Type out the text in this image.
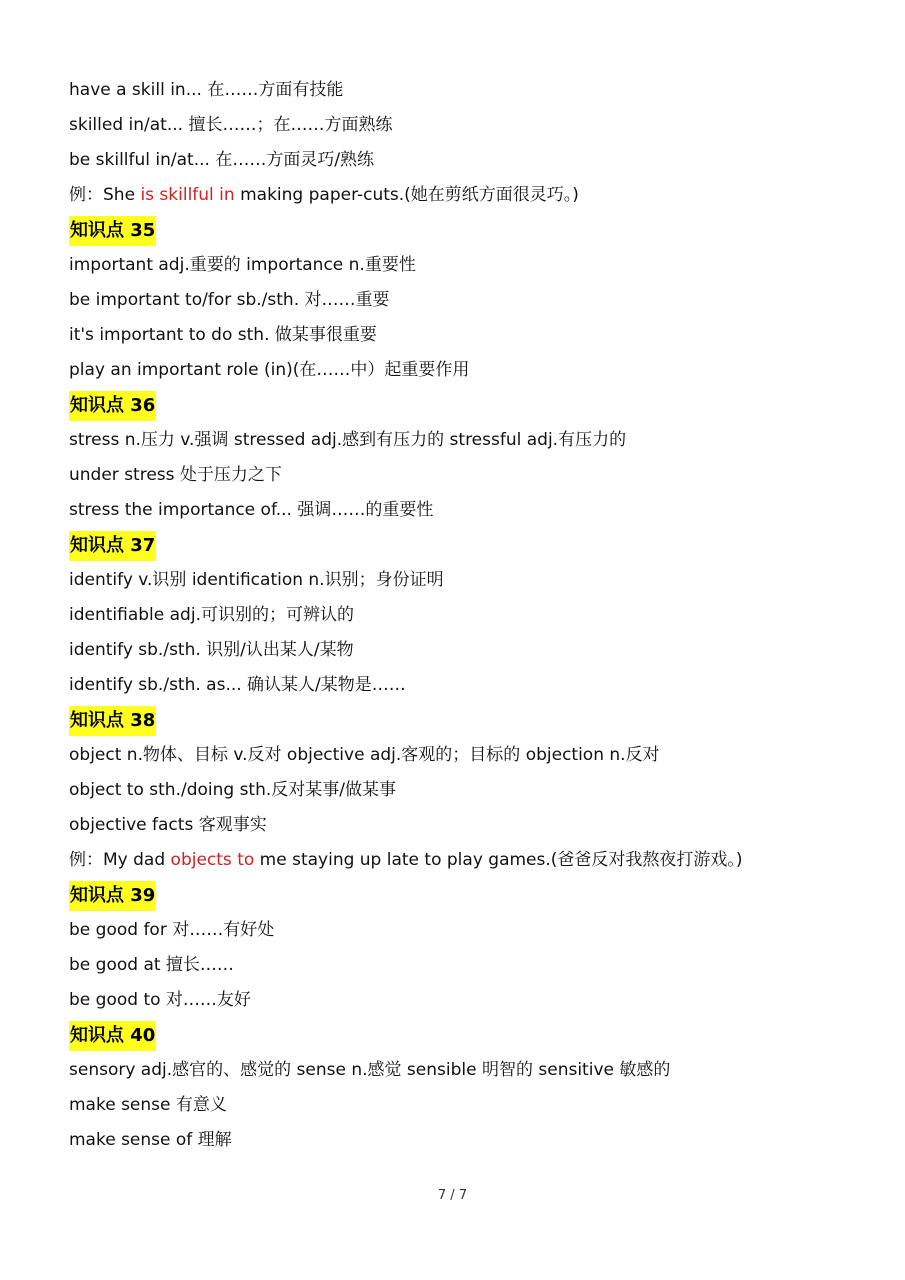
have a skill in... 在……方面有技能
skilled in/at... 擅长……；在……方面熟练
be skillful in/at... 在……方面灵巧/熟练
例：She is skillful in making paper-cuts.(她在剪纸方面很灵巧。)
知识点 35
important adj.重要的 importance n.重要性
be important to/for sb./sth. 对……重要
it's important to do sth. 做某事很重要
play an important role (in)(在……中）起重要作用
知识点 36
stress n.压力 v.强调 stressed adj.感到有压力的 stressful adj.有压力的
under stress 处于压力之下
stress the importance of... 强调……的重要性
知识点 37
identify v.识别 identification n.识别；身份证明
identifiable adj.可识别的；可辨认的
identify sb./sth. 识别/认出某人/某物
identify sb./sth. as... 确认某人/某物是……
知识点 38
object n.物体、目标 v.反对 objective adj.客观的；目标的 objection n.反对
object to sth./doing sth.反对某事/做某事
objective facts 客观事实
例：My dad objects to me staying up late to play games.(爸爸反对我熬夜打游戏。)
知识点 39
be good for 对……有好处
be good at 擅长……
be good to 对……友好
知识点 40
sensory adj.感官的、感觉的 sense n.感觉 sensible 明智的 sensitive 敏感的
make sense 有意义
make sense of 理解
7 / 7
